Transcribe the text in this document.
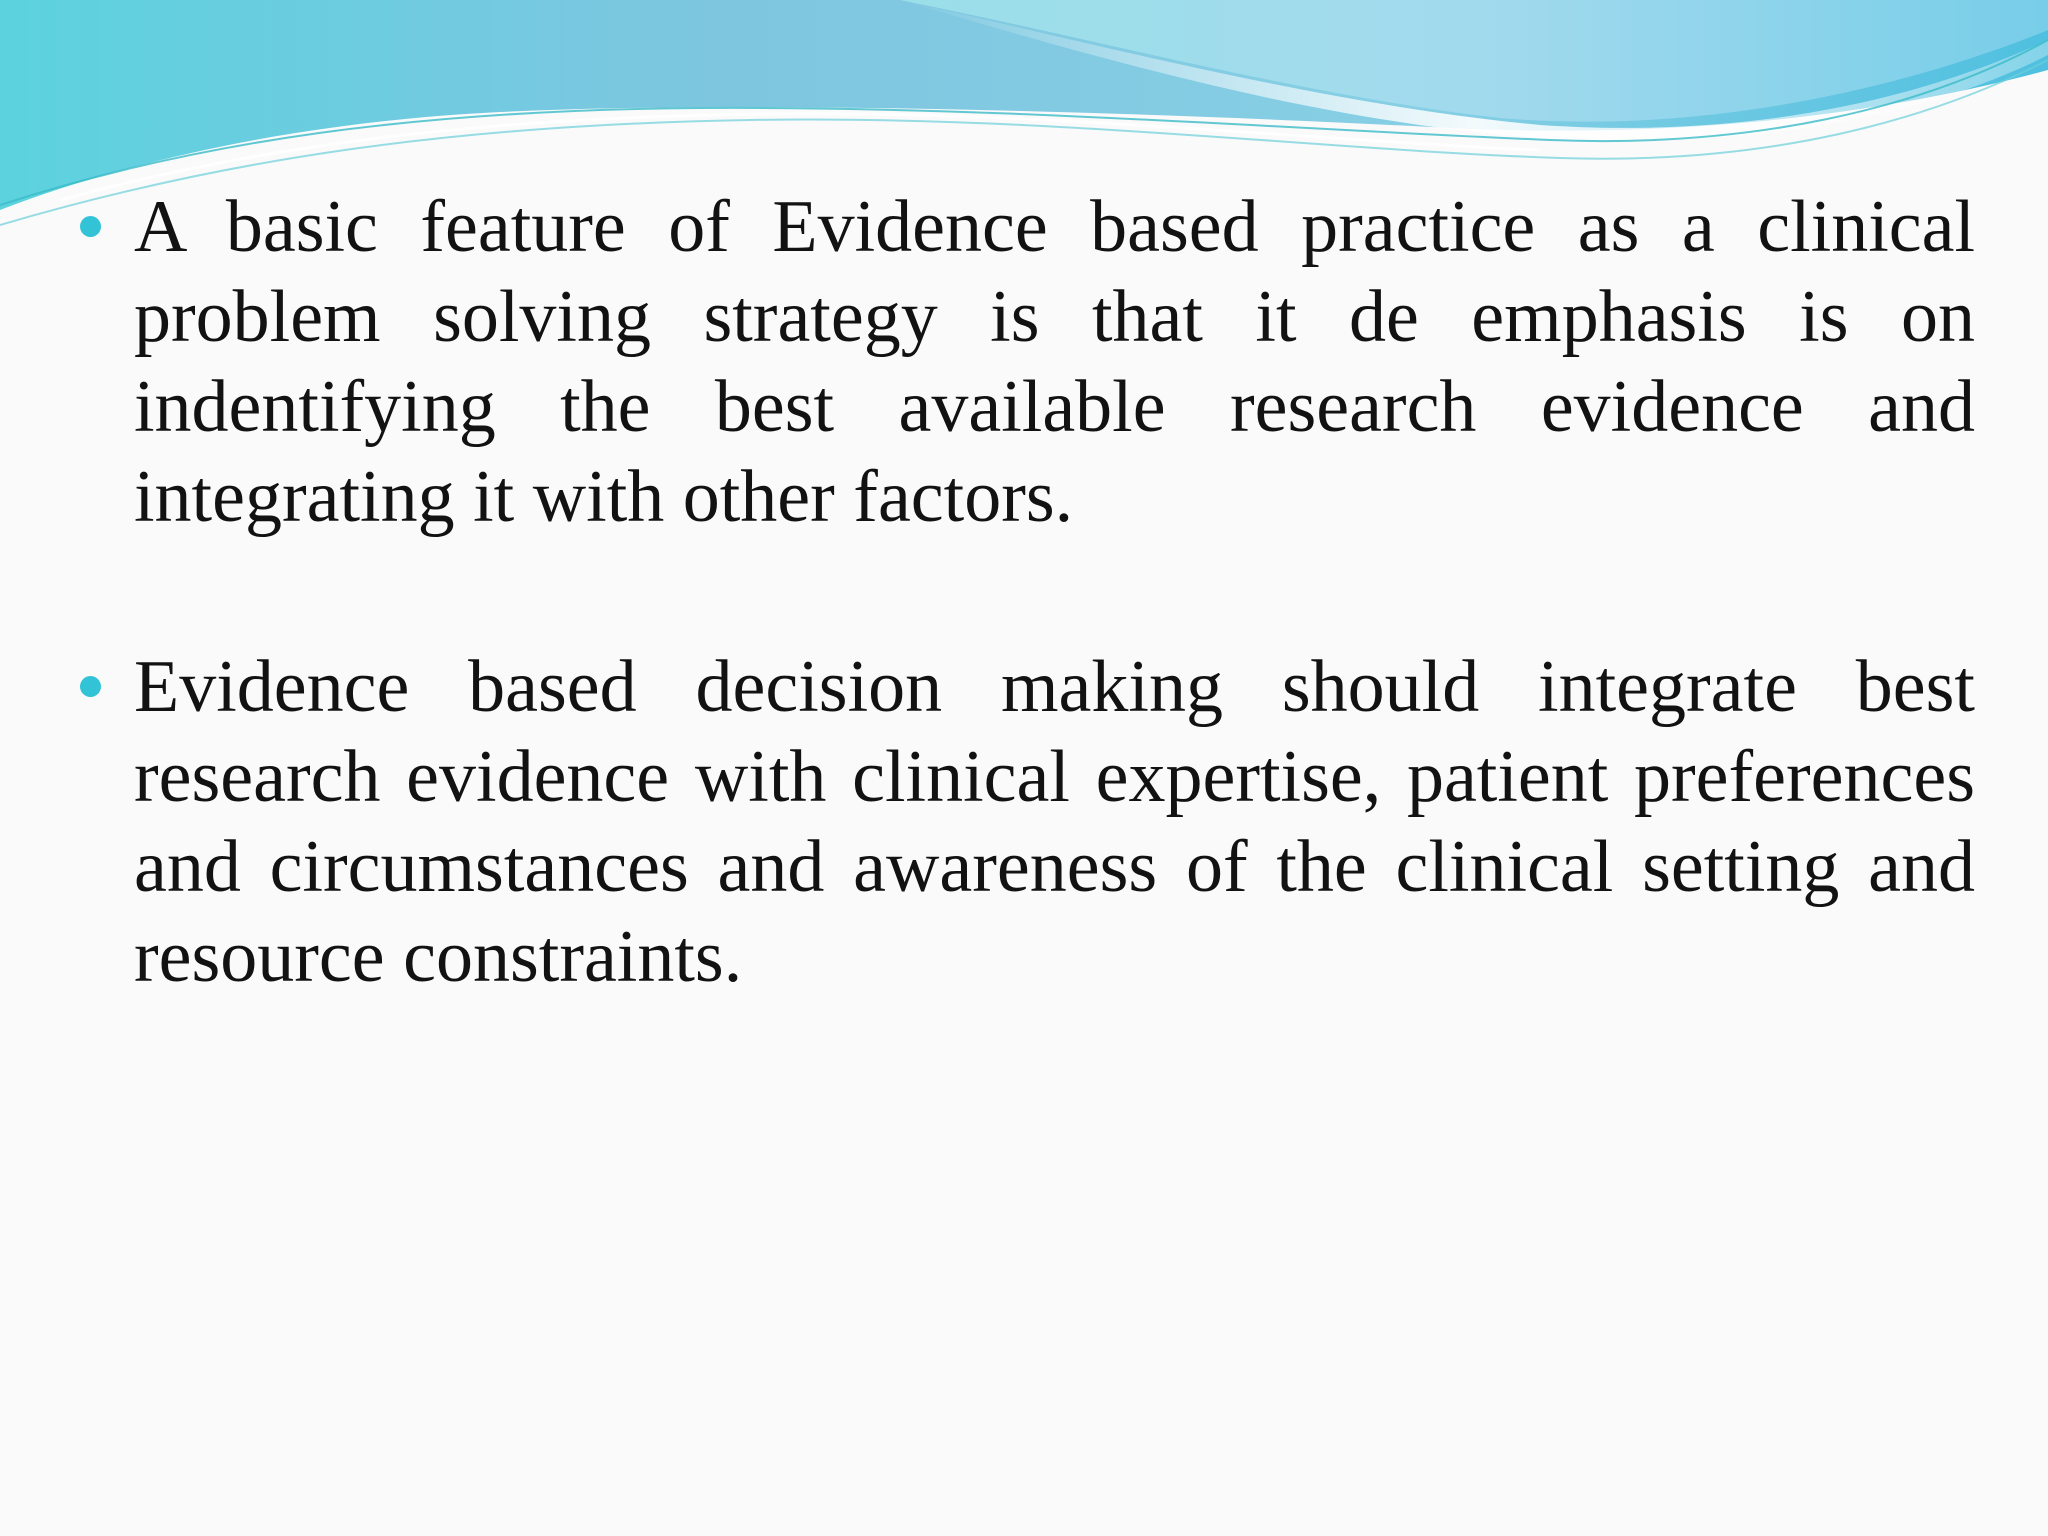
A basic feature of Evidence based practice as a clinical problem solving strategy is that it de emphasis is on indentifying the best available research evidence and integrating it with other factors.

Evidence based decision making should integrate best research evidence with clinical expertise, patient preferences and circumstances and awareness of the clinical setting and resource constraints.
